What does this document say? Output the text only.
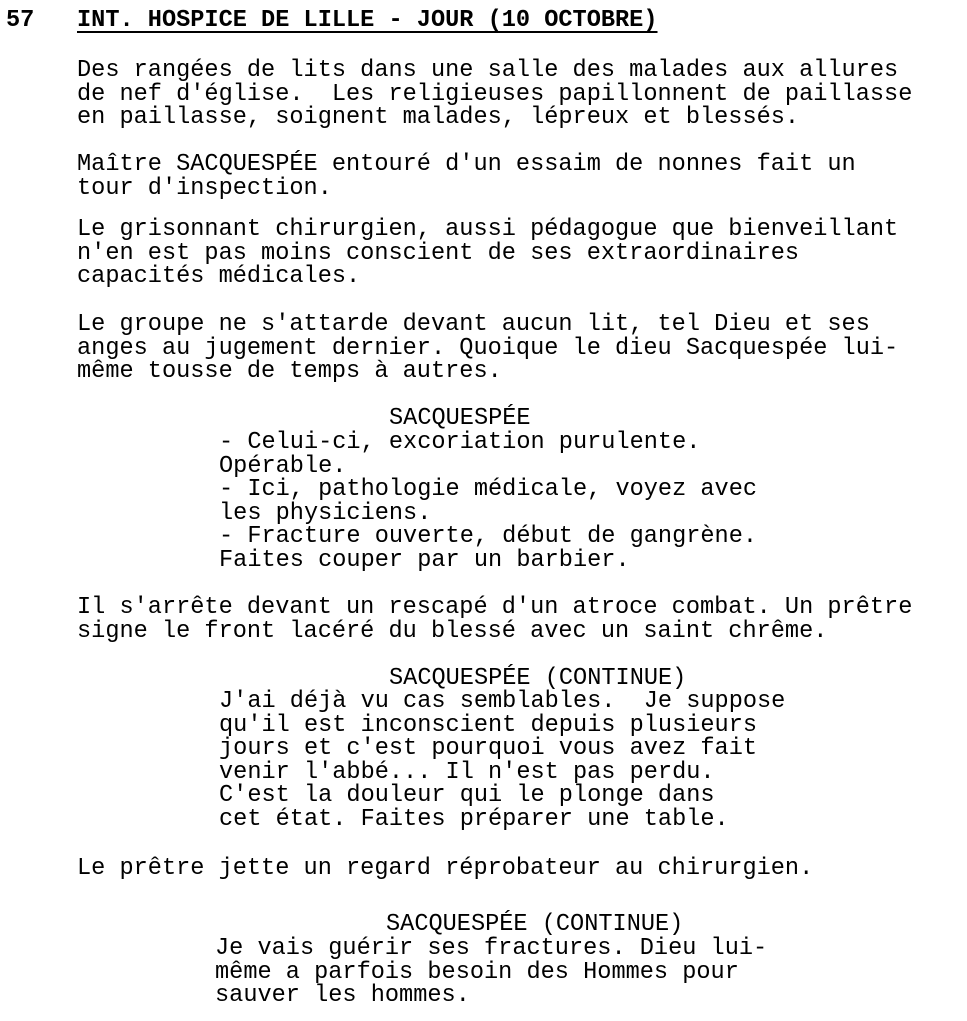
57 INT. HOSPICE DE LILLE - JOUR (10 OCTOBRE)
Des rangées de lits dans une salle des malades aux allures
de nef d'église.  Les religieuses papillonnent de paillasse
en paillasse, soignent malades, lépreux et blessés.
Maître SACQUESPÉE entouré d'un essaim de nonnes fait un
tour d'inspection.
Le grisonnant chirurgien, aussi pédagogue que bienveillant
n'en est pas moins conscient de ses extraordinaires
capacités médicales.
Le groupe ne s'attarde devant aucun lit, tel Dieu et ses
anges au jugement dernier. Quoique le dieu Sacquespée lui-
même tousse de temps à autres.
SACQUESPÉE
- Celui-ci, excoriation purulente.
Opérable.
- Ici, pathologie médicale, voyez avec
les physiciens.
- Fracture ouverte, début de gangrène.
Faites couper par un barbier.
Il s'arrête devant un rescapé d'un atroce combat. Un prêtre
signe le front lacéré du blessé avec un saint chrême.
SACQUESPÉE (CONTINUE)
J'ai déjà vu cas semblables.  Je suppose
qu'il est inconscient depuis plusieurs
jours et c'est pourquoi vous avez fait
venir l'abbé... Il n'est pas perdu.
C'est la douleur qui le plonge dans
cet état. Faites préparer une table.
Le prêtre jette un regard réprobateur au chirurgien.
SACQUESPÉE (CONTINUE)
Je vais guérir ses fractures. Dieu lui-
même a parfois besoin des Hommes pour
sauver les hommes.
